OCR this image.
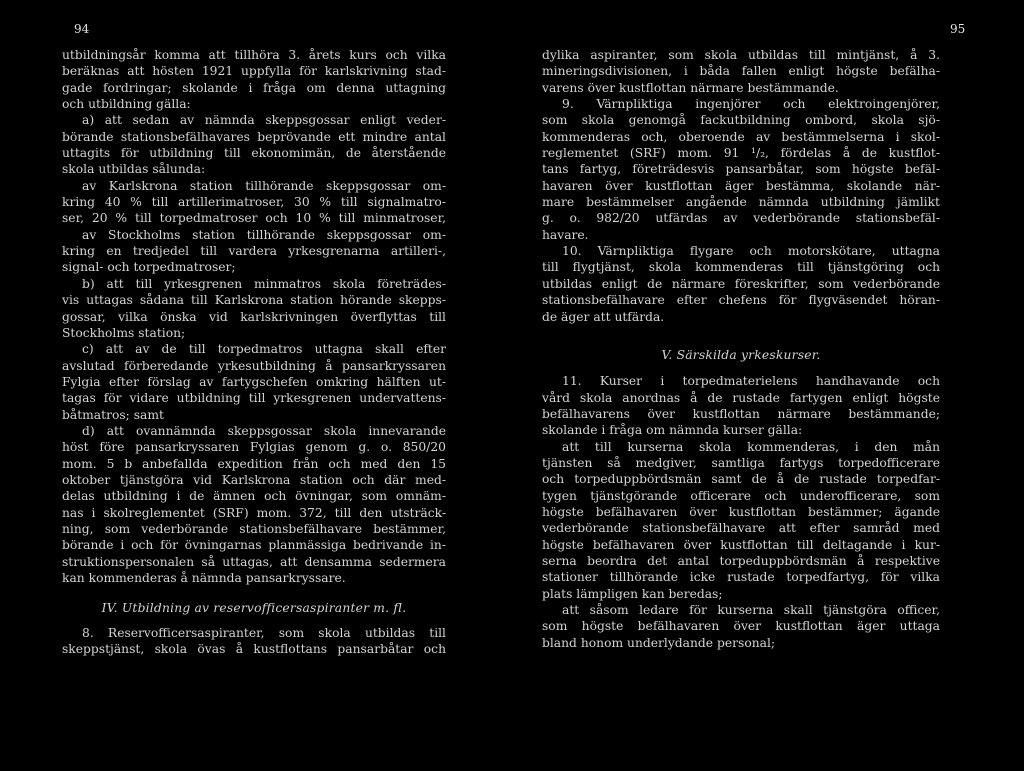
94
utbildningsår komma att tillhöra 3. årets kurs och vilka
beräknas att hösten 1921 uppfylla för karlskrivning stad-
gade fordringar; skolande i fråga om denna uttagning
och utbildning gälla:
a) att sedan av nämnda skeppsgossar enligt veder-
börande stationsbefälhavares beprövande ett mindre antal
uttagits för utbildning till ekonomimän, de återstående
skola utbildas sålunda:
av Karlskrona station tillhörande skeppsgossar om-
kring 40 % till artillerimatroser, 30 % till signalmatro-
ser, 20 % till torpedmatroser och 10 % till minmatroser,
av Stockholms station tillhörande skeppsgossar om-
kring en tredjedel till vardera yrkesgrenarna artilleri-,
signal- och torpedmatroser;
b) att till yrkesgrenen minmatros skola företrädes-
vis uttagas sådana till Karlskrona station hörande skepps-
gossar, vilka önska vid karlskrivningen överflyttas till
Stockholms station;
c) att av de till torpedmatros uttagna skall efter
avslutad förberedande yrkesutbildning å pansarkryssaren
Fylgia efter förslag av fartygschefen omkring hälften ut-
tagas för vidare utbildning till yrkesgrenen undervattens-
båtmatros; samt
d) att ovannämnda skeppsgossar skola innevarande
höst före pansarkryssaren Fylgias genom g. o. 850/20
mom. 5 b anbefallda expedition från och med den 15
oktober tjänstgöra vid Karlskrona station och där med-
delas utbildning i de ämnen och övningar, som omnäm-
nas i skolreglementet (SRF) mom. 372, till den utsträck-
ning, som vederbörande stationsbefälhavare bestämmer,
börande i och för övningarnas planmässiga bedrivande in-
struktionspersonalen så uttagas, att densamma sedermera
kan kommenderas å nämnda pansarkryssare.
IV. Utbildning av reservofficersaspiranter m. fl.
8. Reservofficersaspiranter, som skola utbildas till
skeppstjänst, skola övas å kustflottans pansarbåtar och
95
dylika aspiranter, som skola utbildas till mintjänst, å 3.
mineringsdivisionen, i båda fallen enligt högste befälha-
varens över kustflottan närmare bestämmande.
9. Värnpliktiga ingenjörer och elektroingenjörer,
som skola genomgå fackutbildning ombord, skola sjö-
kommenderas och, oberoende av bestämmelserna i skol-
reglementet (SRF) mom. 91 ¹/₂, fördelas å de kustflot-
tans fartyg, företrädesvis pansarbåtar, som högste befäl-
havaren över kustflottan äger bestämma, skolande när-
mare bestämmelser angående nämnda utbildning jämlikt
g. o. 982/20 utfärdas av vederbörande stationsbefäl-
havare.
10. Värnpliktiga flygare och motorskötare, uttagna
till flygtjänst, skola kommenderas till tjänstgöring och
utbildas enligt de närmare föreskrifter, som vederbörande
stationsbefälhavare efter chefens för flygväsendet höran-
de äger att utfärda.
V. Särskilda yrkeskurser.
11. Kurser i torpedmaterielens handhavande och
vård skola anordnas å de rustade fartygen enligt högste
befälhavarens över kustflottan närmare bestämmande;
skolande i fråga om nämnda kurser gälla:
att till kurserna skola kommenderas, i den mån
tjänsten så medgiver, samtliga fartygs torpedofficerare
och torpeduppbördsmän samt de å de rustade torpedfar-
tygen tjänstgörande officerare och underofficerare, som
högste befälhavaren över kustflottan bestämmer; ägande
vederbörande stationsbefälhavare att efter samråd med
högste befälhavaren över kustflottan till deltagande i kur-
serna beordra det antal torpeduppbördsmän å respektive
stationer tillhörande icke rustade torpedfartyg, för vilka
plats lämpligen kan beredas;
att såsom ledare för kurserna skall tjänstgöra officer,
som högste befälhavaren över kustflottan äger uttaga
bland honom underlydande personal;
